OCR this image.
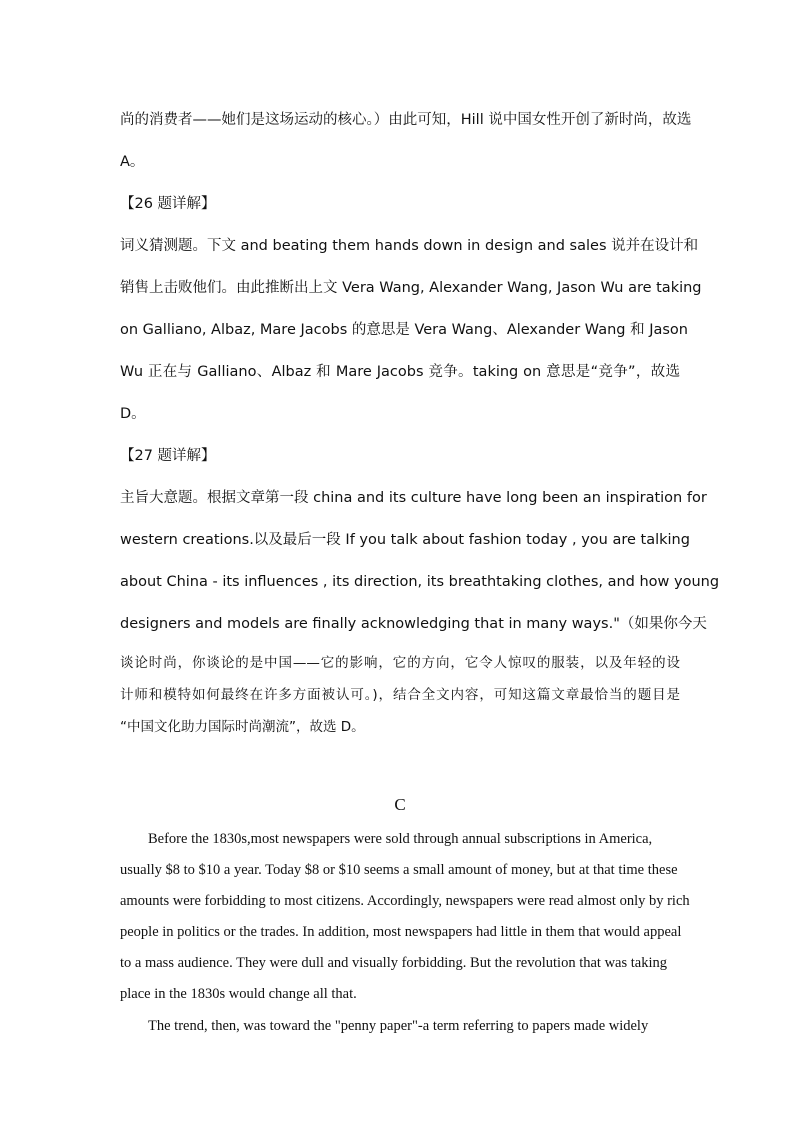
尚的消费者——她们是这场运动的核心。）由此可知，Hill 说中国女性开创了新时尚，故选
A。
【26 题详解】
词义猜测题。下文 and beating them hands down in design and sales 说并在设计和
销售上击败他们。由此推断出上文 Vera Wang, Alexander Wang, Jason Wu are taking
on Galliano, Albaz, Mare Jacobs 的意思是 Vera Wang、Alexander Wang 和 Jason
Wu 正在与 Galliano、Albaz 和 Mare Jacobs 竞争。taking on 意思是“竞争”，故选
D。
【27 题详解】
主旨大意题。根据文章第一段 china and its culture have long been an inspiration for
western creations.以及最后一段 If you talk about fashion today , you are talking
about China - its influences , its direction, its breathtaking clothes, and how young
designers and models are finally acknowledging that in many ways."（如果你今天
谈论时尚，你谈论的是中国——它的影响，它的方向，它令人惊叹的服装，以及年轻的设
计师和模特如何最终在许多方面被认可。)，结合全文内容，可知这篇文章最恰当的题目是
“中国文化助力国际时尚潮流”，故选 D。
C
Before the 1830s,most newspapers were sold through annual subscriptions in America,
usually $8 to $10 a year. Today $8 or $10 seems a small amount of money, but at that time these
amounts were forbidding to most citizens. Accordingly, newspapers were read almost only by rich
people in politics or the trades. In addition, most newspapers had little in them that would appeal
to a mass audience. They were dull and visually forbidding. But the revolution that was taking
place in the 1830s would change all that.
The trend, then, was toward the "penny paper"-a term referring to papers made widely
